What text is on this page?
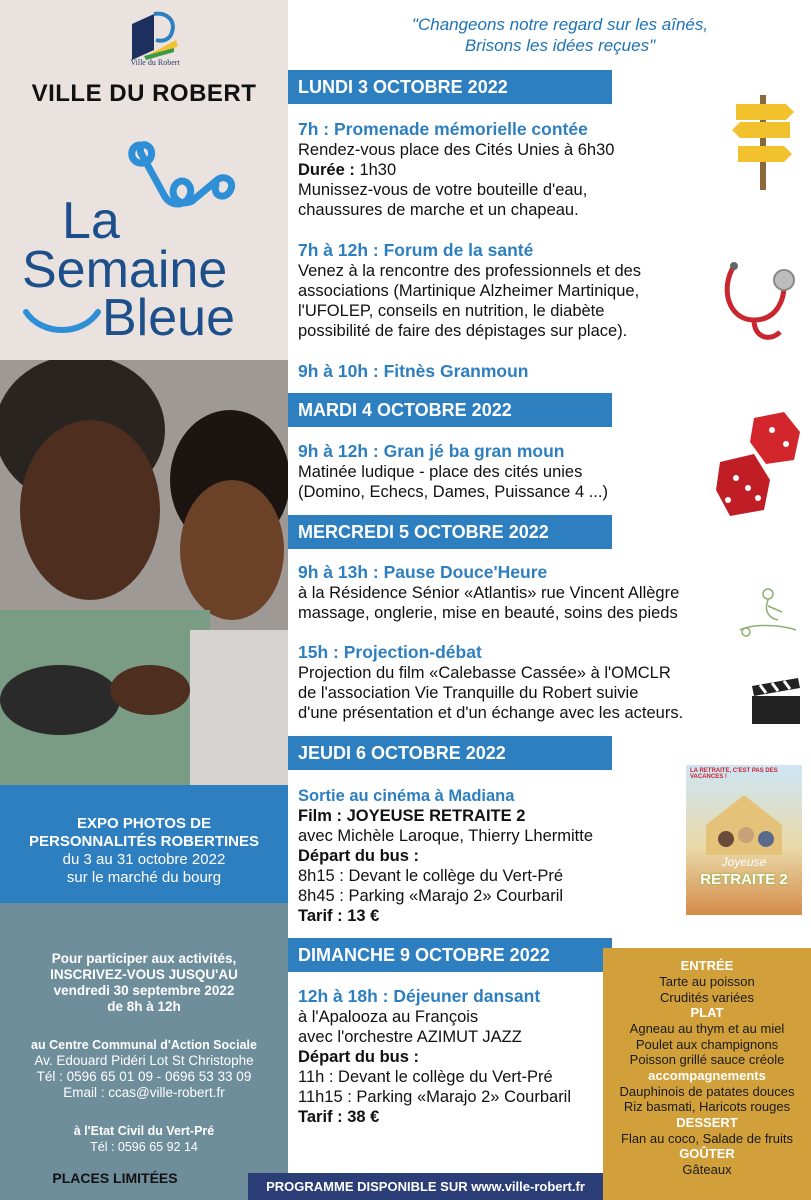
Ville du Robert
VILLE DU ROBERT
La
Semaine
Bleue
EXPO PHOTOS DE
PERSONNALITÉS ROBERTINES
du 3 au 31 octobre 2022
sur le marché du bourg
Pour participer aux activités,
INSCRIVEZ-VOUS JUSQU'AU
vendredi 30 septembre 2022
de 8h à 12h
au Centre Communal d'Action Sociale
Av. Edouard Pidéri Lot St Christophe
Tél : 0596 65 01 09 - 0696 53 33 09
Email : ccas@ville-robert.fr
à l'Etat Civil du Vert-Pré
Tél : 0596 65 92 14
PLACES LIMITÉES
"Changeons notre regard sur les aînés,
Brisons les idées reçues"
LUNDI 3 OCTOBRE 2022
7h : Promenade mémorielle contée
Rendez-vous place des Cités Unies à 6h30
Durée : 1h30
Munissez-vous de votre bouteille d'eau,
chaussures de marche et un chapeau.
7h à 12h : Forum de la santé
Venez à la rencontre des professionnels et des
associations (Martinique Alzheimer Martinique,
l'UFOLEP, conseils en nutrition, le diabète
possibilité de faire des dépistages sur place).
9h à 10h : Fitnès Granmoun
MARDI 4 OCTOBRE 2022
9h à 12h : Gran jé ba gran moun
Matinée ludique - place des cités unies
(Domino, Echecs, Dames, Puissance 4 ...)
MERCREDI 5 OCTOBRE 2022
9h à 13h : Pause Douce'Heure
à la Résidence Sénior «Atlantis» rue Vincent Allègre
massage, onglerie, mise en beauté, soins des pieds
15h : Projection-débat
Projection du film «Calebasse Cassée» à l'OMCLR
de l'association Vie Tranquille du Robert suivie
d'une présentation et d'un échange avec les acteurs.
JEUDI 6 OCTOBRE 2022
Sortie au cinéma à Madiana
Film : JOYEUSE RETRAITE 2
avec Michèle Laroque, Thierry Lhermitte
Départ du bus :
8h15 : Devant le collège du Vert-Pré
8h45 : Parking «Marajo 2» Courbaril
Tarif : 13 €
LA RETRAITE, C'EST PAS DES VACANCES !
Joyeuse
RETRAITE 2
DIMANCHE 9 OCTOBRE 2022
12h à 18h : Déjeuner dansant
à l'Apalooza au François
avec l'orchestre AZIMUT JAZZ
Départ du bus :
11h : Devant le collège du Vert-Pré
11h15 : Parking «Marajo 2» Courbaril
Tarif : 38 €
ENTRÉE
Tarte au poisson
Crudités variées
PLAT
Agneau au thym et au miel
Poulet aux champignons
Poisson grillé sauce créole
accompagnements
Dauphinois de patates douces
Riz basmati, Haricots rouges
DESSERT
Flan au coco, Salade de fruits
GOÛTER
Gâteaux
PROGRAMME DISPONIBLE SUR www.ville-robert.fr
